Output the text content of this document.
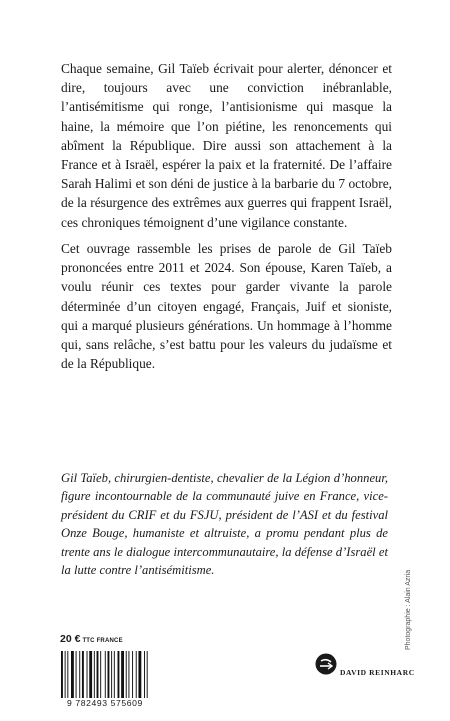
Chaque semaine, Gil Taïeb écrivait pour alerter, dénoncer et dire, toujours avec une conviction inébranlable, l’antisémitisme qui ronge, l’antisionisme qui masque la haine, la mémoire que l’on piétine, les renoncements qui abîment la République. Dire aussi son attachement à la France et à Israël, espérer la paix et la fraternité. De l’affaire Sarah Halimi et son déni de justice à la barbarie du 7 octobre, de la résurgence des extrêmes aux guerres qui frappent Israël, ces chroniques témoignent d’une vigilance constante.

Cet ouvrage rassemble les prises de parole de Gil Taïeb prononcées entre 2011 et 2024. Son épouse, Karen Taïeb, a voulu réunir ces textes pour garder vivante la parole déterminée d’un citoyen engagé, Français, Juif et sioniste, qui a marqué plusieurs générations. Un hommage à l’homme qui, sans relâche, s’est battu pour les valeurs du judaïsme et de la République.

Gil Taïeb, chirurgien-dentiste, chevalier de la Légion d’honneur, figure incontournable de la communauté juive en France, vice-président du CRIF et du FSJU, président de l’ASI et du festival Onze Bouge, humaniste et altruiste, a promu pendant plus de trente ans le dialogue intercommunautaire, la défense d’Israël et la lutte contre l’antisémitisme.	Photographie : Alain Azria
20 € TTC FRANCE
9 782493 575609
DAVID REINHARC
